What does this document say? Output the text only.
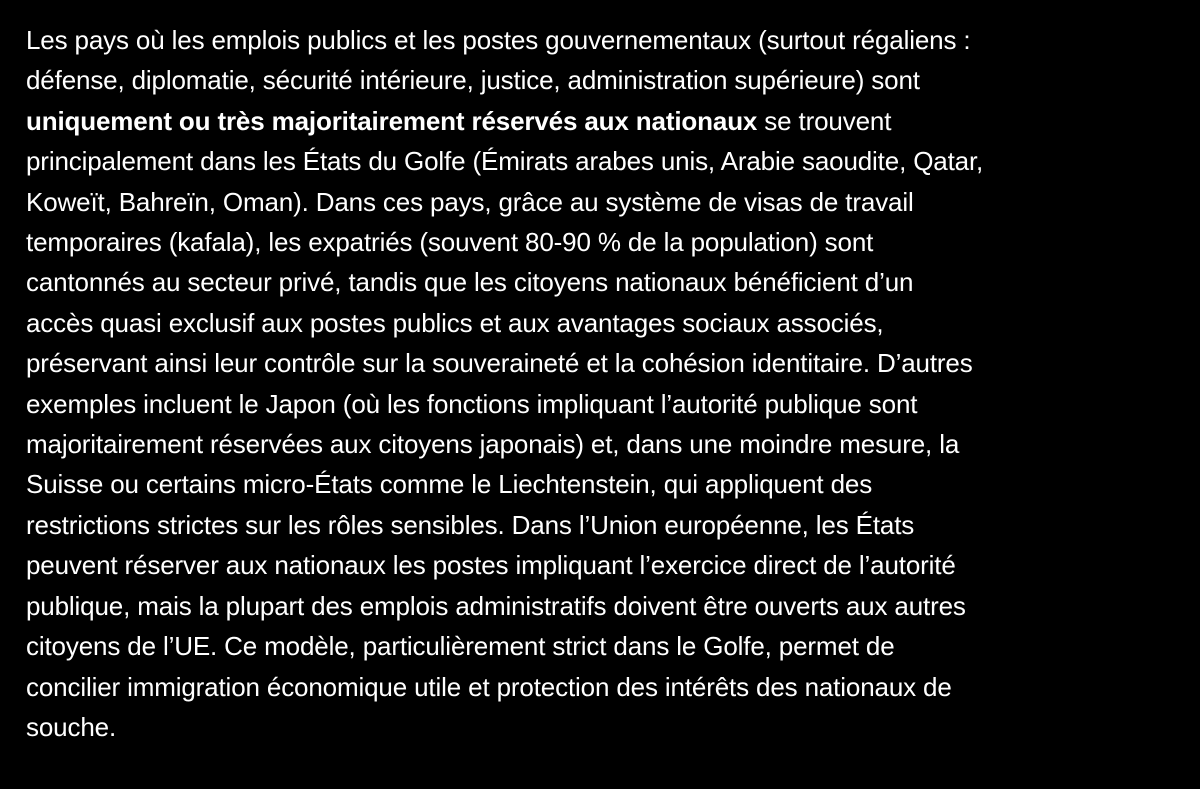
Les pays où les emplois publics et les postes gouvernementaux (surtout régaliens :
défense, diplomatie, sécurité intérieure, justice, administration supérieure) sont
uniquement ou très majoritairement réservés aux nationaux se trouvent
principalement dans les États du Golfe (Émirats arabes unis, Arabie saoudite, Qatar,
Koweït, Bahreïn, Oman). Dans ces pays, grâce au système de visas de travail
temporaires (kafala), les expatriés (souvent 80-90 % de la population) sont
cantonnés au secteur privé, tandis que les citoyens nationaux bénéficient d’un
accès quasi exclusif aux postes publics et aux avantages sociaux associés,
préservant ainsi leur contrôle sur la souveraineté et la cohésion identitaire. D’autres
exemples incluent le Japon (où les fonctions impliquant l’autorité publique sont
majoritairement réservées aux citoyens japonais) et, dans une moindre mesure, la
Suisse ou certains micro-États comme le Liechtenstein, qui appliquent des
restrictions strictes sur les rôles sensibles. Dans l’Union européenne, les États
peuvent réserver aux nationaux les postes impliquant l’exercice direct de l’autorité
publique, mais la plupart des emplois administratifs doivent être ouverts aux autres
citoyens de l’UE. Ce modèle, particulièrement strict dans le Golfe, permet de
concilier immigration économique utile et protection des intérêts des nationaux de
souche.
